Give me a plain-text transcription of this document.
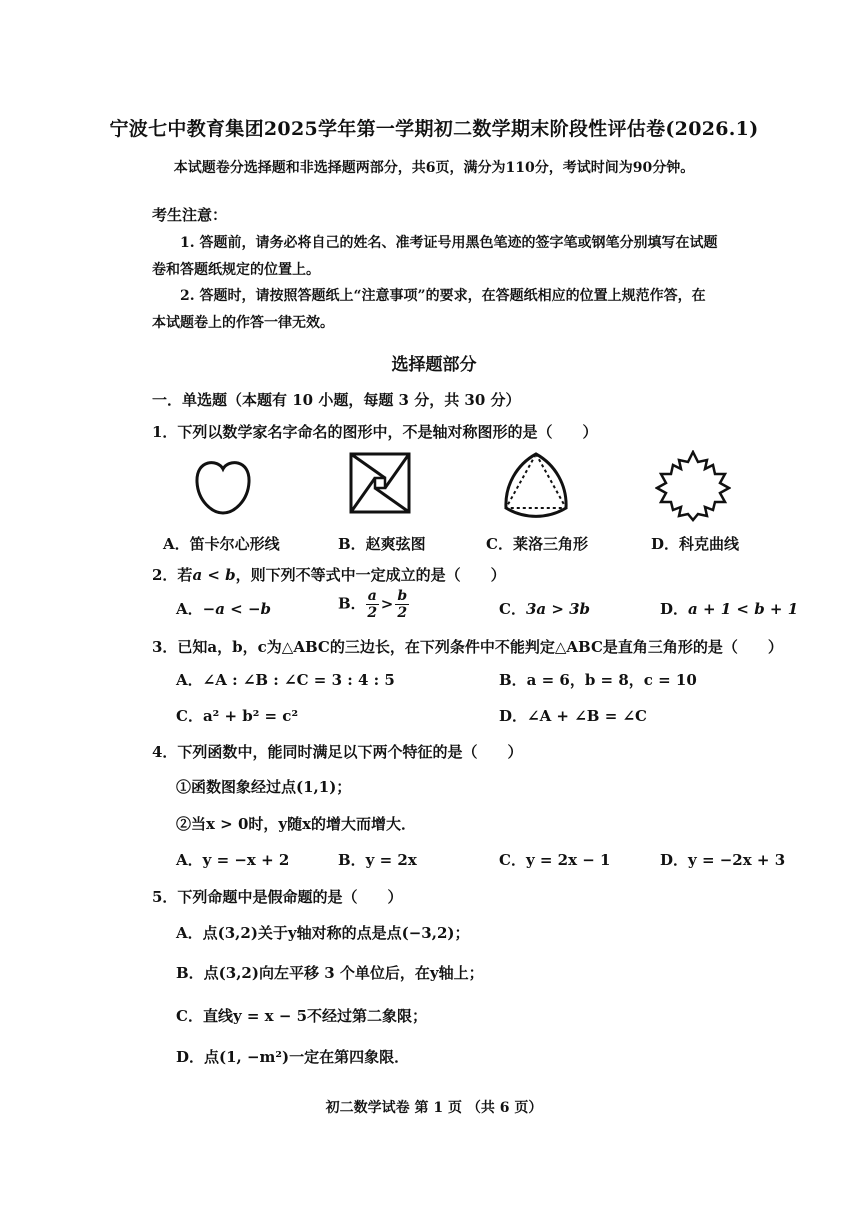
宁波七中教育集团2025学年第一学期初二数学期末阶段性评估卷(2026.1)
本试题卷分选择题和非选择题两部分，共6页，满分为110分，考试时间为90分钟。
考生注意：
1. 答题前，请务必将自己的姓名、准考证号用黑色笔迹的签字笔或钢笔分别填写在试题
卷和答题纸规定的位置上。
2. 答题时，请按照答题纸上“注意事项”的要求，在答题纸相应的位置上规范作答，在
本试题卷上的作答一律无效。
选择题部分
一．单选题（本题有 10 小题，每题 3 分，共 30 分）
1．下列以数学家名字命名的图形中，不是轴对称图形的是（　　）
A．笛卡尔心形线	B．赵爽弦图	C．莱洛三角形	D．科克曲线
2．若a < b，则下列不等式中一定成立的是（　　）
A．−a < −b	B． $\frac{a}{2} > \frac{b}{2}$	C．3a > 3b	D．a + 1 < b + 1
3．已知a，b，c为△ABC的三边长，在下列条件中不能判定△ABC是直角三角形的是（　　）
A．∠A : ∠B : ∠C = 3 : 4 : 5	B．a = 6，b = 8，c = 10
C．a² + b² = c²	D．∠A + ∠B = ∠C
4．下列函数中，能同时满足以下两个特征的是（　　）
①函数图象经过点(1,1)；
②当x > 0时，y随x的增大而增大．
A．y = −x + 2	B．y = 2x	C．y = 2x − 1	D．y = −2x + 3
5．下列命题中是假命题的是（　　）
A．点(3,2)关于y轴对称的点是点(−3,2)；
B．点(3,2)向左平移 3 个单位后，在y轴上；
C．直线y = x − 5不经过第二象限；
D．点(1, −m²)一定在第四象限．
初二数学试卷 第 1 页 （共 6 页）
